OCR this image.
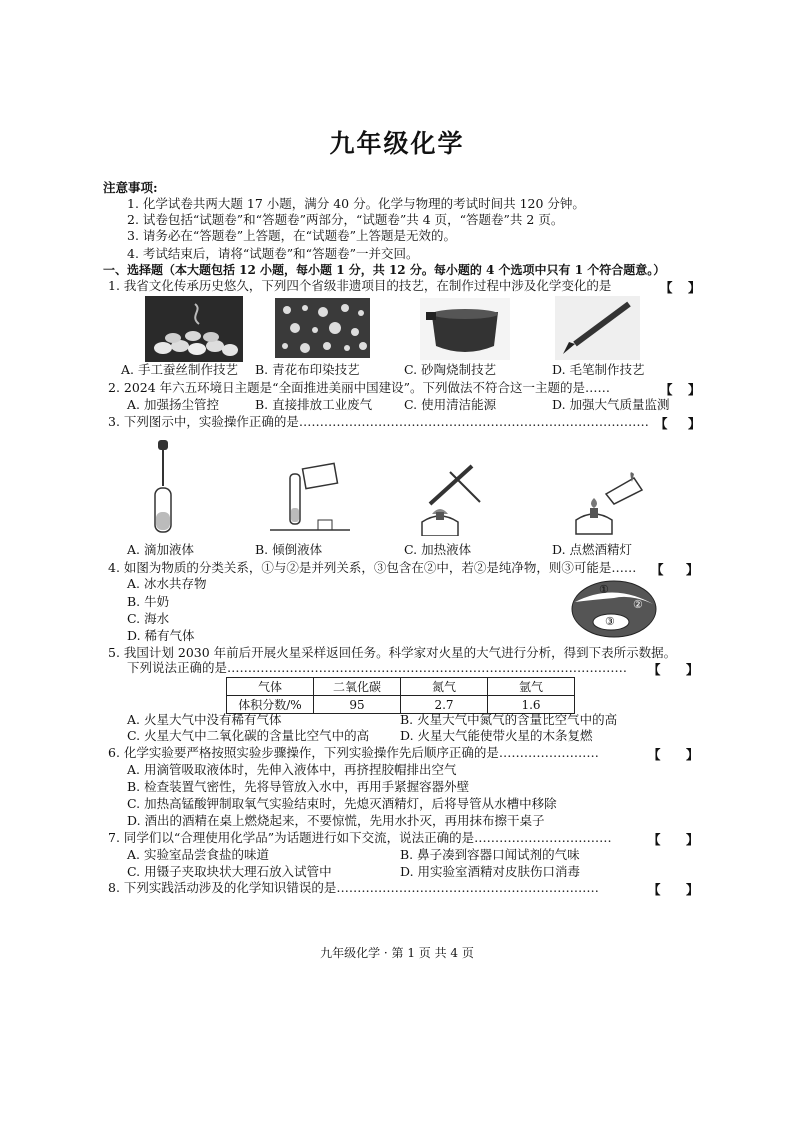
九年级化学
注意事项:
1. 化学试卷共两大题 17 小题，满分 40 分。化学与物理的考试时间共 120 分钟。
2. 试卷包括“试题卷”和“答题卷”两部分，“试题卷”共 4 页，“答题卷”共 2 页。
3. 请务必在“答题卷”上答题，在“试题卷”上答题是无效的。
4. 考试结束后，请将“试题卷”和“答题卷”一并交回。
一、选择题（本大题包括 12 小题，每小题 1 分，共 12 分。每小题的 4 个选项中只有 1 个符合题意。）
1. 我省文化传承历史悠久，下列四个省级非遗项目的技艺，在制作过程中涉及化学变化的是	【 】
A. 手工蚕丝制作技艺 B. 青花布印染技艺	C. 砂陶烧制技艺	D. 毛笔制作技艺
2. 2024 年六五环境日主题是“全面推进美丽中国建设”。下列做法不符合这一主题的是……	【 】
A. 加强扬尘管控	B. 直接排放工业废气	C. 使用清洁能源	D. 加强大气质量监测
3. 下列图示中，实验操作正确的是………………………………………………………………………… 【 】
A. 滴加液体	B. 倾倒液体	C. 加热液体	D. 点燃酒精灯
4. 如图为物质的分类关系，①与②是并列关系，③包含在②中，若②是纯净物，则③可能是…… 【 】
A. 冰水共存物
B. 牛奶
C. 海水
D. 稀有气体
①
②
③
5. 我国计划 2030 年前后开展火星采样返回任务。科学家对火星的大气进行分析，得到下表所示数据。
下列说法正确的是…………………………………………………………………………………… 【 】
气体	二氧化碳	氮气	氩气
体积分数/%	95	2.7	1.6
A. 火星大气中没有稀有气体	B. 火星大气中氮气的含量比空气中的高
C. 火星大气中二氧化碳的含量比空气中的高 D. 火星大气能使带火星的木条复燃
6. 化学实验要严格按照实验步骤操作，下列实验操作先后顺序正确的是……………………	【 】
A. 用滴管吸取液体时，先伸入液体中，再挤捏胶帽排出空气
B. 检查装置气密性，先将导管放入水中，再用手紧握容器外壁
C. 加热高锰酸钾制取氧气实验结束时，先熄灭酒精灯，后将导管从水槽中移除
D. 酒出的酒精在桌上燃烧起来，不要惊慌，先用水扑灭，再用抹布擦干桌子
7. 同学们以“合理使用化学品”为话题进行如下交流，说法正确的是……………………………	【 】
A. 实验室品尝食盐的味道	B. 鼻子凑到容器口闻试剂的气味
C. 用镊子夹取块状大理石放入试管中	D. 用实验室酒精对皮肤伤口消毒
8. 下列实践活动涉及的化学知识错误的是………………………………………………………	【 】
九年级化学 · 第 1 页 共 4 页
